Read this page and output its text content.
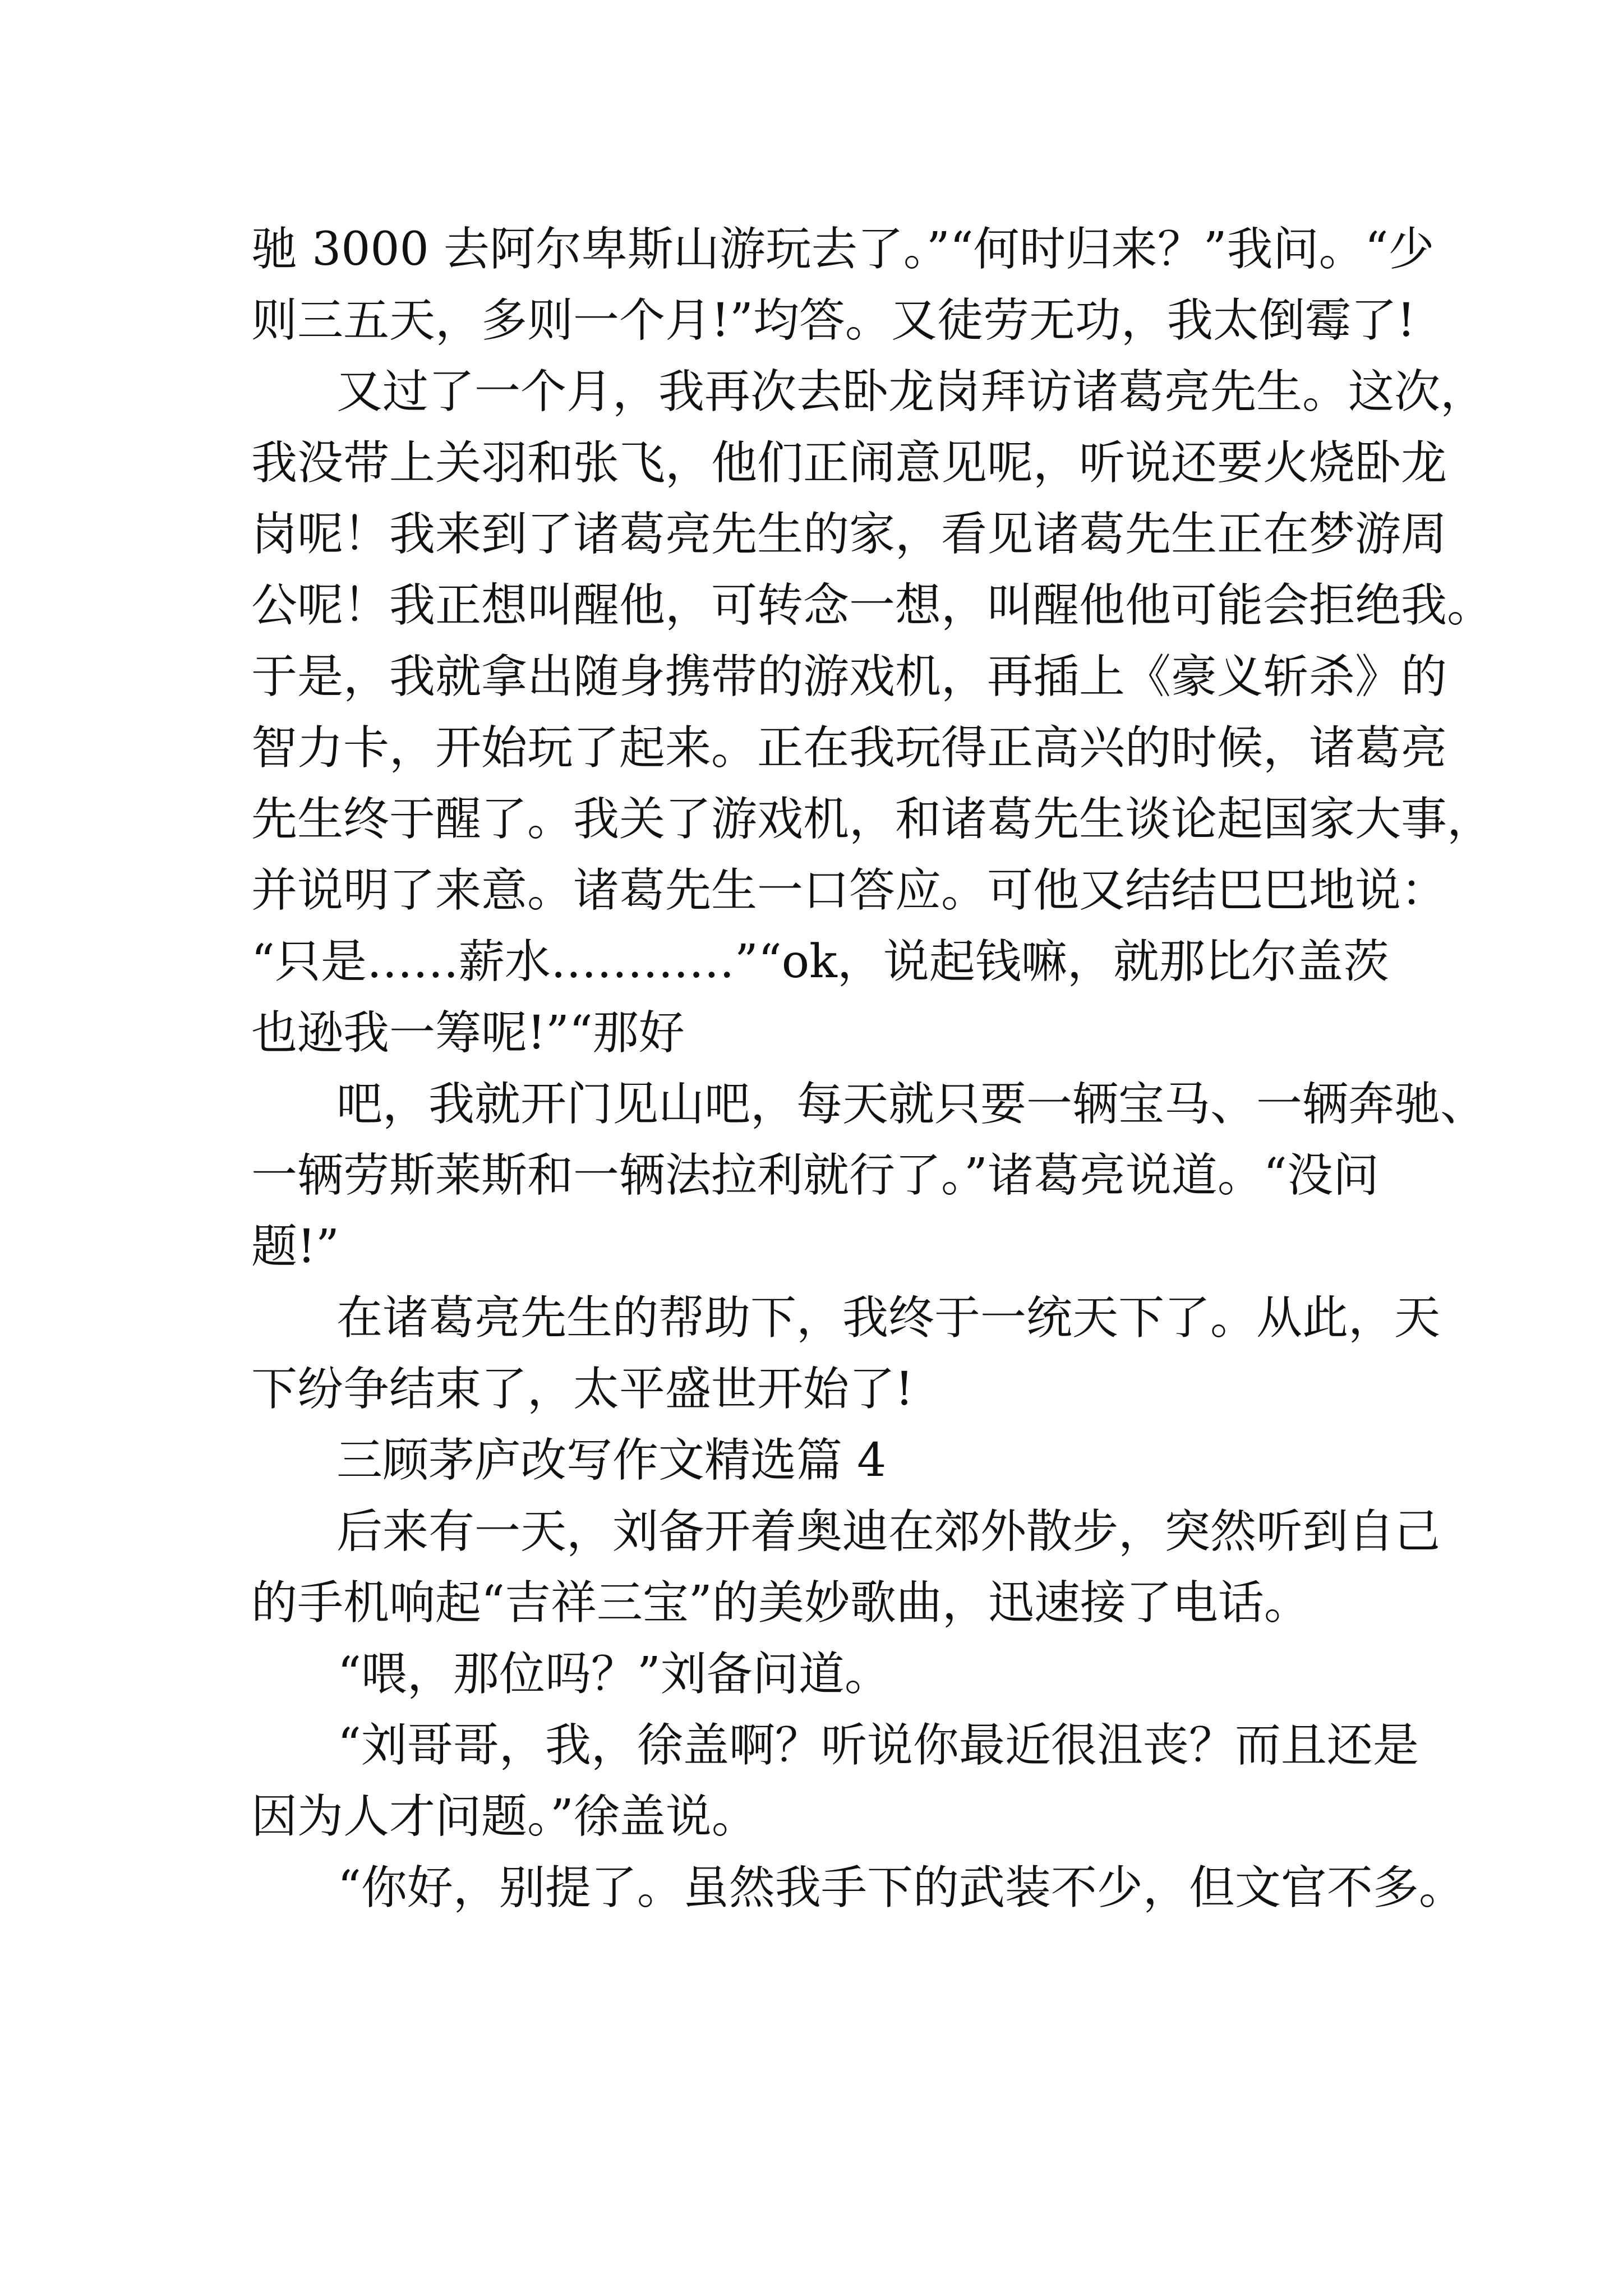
驰 3000 去阿尔卑斯山游玩去了。”“何时归来？”我问。“少
则三五天，多则一个月!”均答。又徒劳无功，我太倒霉了!
又过了一个月，我再次去卧龙岗拜访诸葛亮先生。这次，
我没带上关羽和张飞，他们正闹意见呢，听说还要火烧卧龙
岗呢！我来到了诸葛亮先生的家，看见诸葛先生正在梦游周
公呢！我正想叫醒他，可转念一想，叫醒他他可能会拒绝我。
于是，我就拿出随身携带的游戏机，再插上《豪义斩杀》的
智力卡，开始玩了起来。正在我玩得正高兴的时候，诸葛亮
先生终于醒了。我关了游戏机，和诸葛先生谈论起国家大事，
并说明了来意。诸葛先生一口答应。可他又结结巴巴地说：
“只是……薪水…………”“ok，说起钱嘛，就那比尔盖茨
也逊我一筹呢!”“那好
吧，我就开门见山吧，每天就只要一辆宝马、一辆奔驰、
一辆劳斯莱斯和一辆法拉利就行了。”诸葛亮说道。“没问
题!”
在诸葛亮先生的帮助下，我终于一统天下了。从此，天
下纷争结束了，太平盛世开始了!
三顾茅庐改写作文精选篇 4
后来有一天，刘备开着奥迪在郊外散步，突然听到自己
的手机响起“吉祥三宝”的美妙歌曲，迅速接了电话。
“喂，那位吗？”刘备问道。
“刘哥哥，我，徐盖啊？听说你最近很沮丧？而且还是
因为人才问题。”徐盖说。
“你好，别提了。虽然我手下的武装不少，但文官不多。
